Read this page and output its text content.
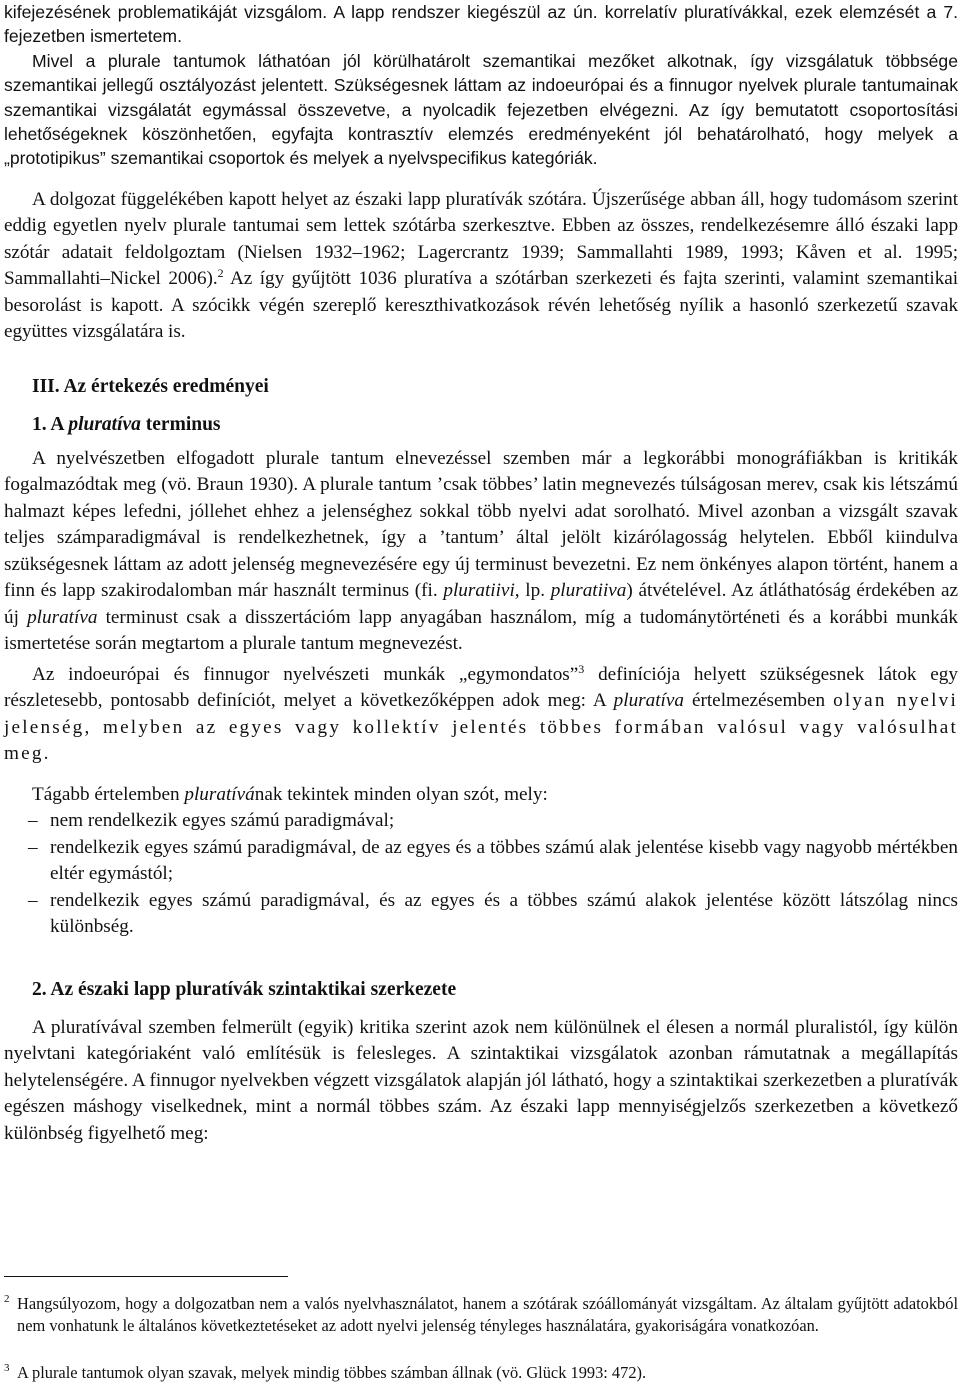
kifejezésének problematikáját vizsgálom. A lapp rendszer kiegészül az ún. korrelatív pluratívákkal, ezek elemzését a 7. fejezetben ismertetem.

Mivel a plurale tantumok láthatóan jól körülhatárolt szemantikai mezőket alkotnak, így vizsgálatuk többsége szemantikai jellegű osztályozást jelentett. Szükségesnek láttam az indoeurópai és a finnugor nyelvek plurale tantumainak szemantikai vizsgálatát egymással összevetve, a nyolcadik fejezetben elvégezni. Az így bemutatott csoportosítási lehetőségeknek köszönhetően, egyfajta kontrasztív elemzés eredményeként jól behatárolható, hogy melyek a „prototipikus” szemantikai csoportok és melyek a nyelvspecifikus kategóriák.

A dolgozat függelékében kapott helyet az északi lapp pluratívák szótára. Újszerűsége abban áll, hogy tudomásom szerint eddig egyetlen nyelv plurale tantumai sem lettek szótárba szerkesztve. Ebben az összes, rendelkezésemre álló északi lapp szótár adatait feldolgoztam (Nielsen 1932–1962; Lagercrantz 1939; Sammallahti 1989, 1993; Kåven et al. 1995; Sammallahti–Nickel 2006).$^2$ Az így gyűjtött 1036 pluratíva a szótárban szerkezeti és fajta szerinti, valamint szemantikai besorolást is kapott. A szócikk végén szereplő kereszthivatkozások révén lehetőség nyílik a hasonló szerkezetű szavak együttes vizsgálatára is.

III. Az értekezés eredményei
1. A pluratíva terminus

A nyelvészetben elfogadott plurale tantum elnevezéssel szemben már a legkorábbi monográfiákban is kritikák fogalmazódtak meg (vö. Braun 1930). A plurale tantum ’csak többes’ latin megnevezés túlságosan merev, csak kis létszámú halmazt képes lefedni, jóllehet ehhez a jelenséghez sokkal több nyelvi adat sorolható. Mivel azonban a vizsgált szavak teljes számparadigmával is rendelkezhetnek, így a ’tantum’ által jelölt kizárólagosság helytelen. Ebből kiindulva szükségesnek láttam az adott jelenség megnevezésére egy új terminust bevezetni. Ez nem önkényes alapon történt, hanem a finn és lapp szakirodalomban már használt terminus (fi. pluratiivi, lp. pluratiiva) átvételével. Az átláthatóság érdekében az új pluratíva terminust csak a disszertációm lapp anyagában használom, míg a tudománytörténeti és a korábbi munkák ismertetése során megtartom a plurale tantum megnevezést.

Az indoeurópai és finnugor nyelvészeti munkák „egymondatos”$^3$ definíciója helyett szükségesnek látok egy részletesebb, pontosabb definíciót, melyet a következőképpen adok meg: A pluratíva értelmezésemben olyan nyelvi jelenség, melyben az egyes vagy kollektív jelentés többes formában valósul vagy valósulhat meg.

Tágabb értelemben pluratívának tekintek minden olyan szót, mely:

– nem rendelkezik egyes számú paradigmával;
– rendelkezik egyes számú paradigmával, de az egyes és a többes számú alak jelentése kisebb vagy nagyobb mértékben eltér egymástól;
– rendelkezik egyes számú paradigmával, és az egyes és a többes számú alakok jelentése között látszólag nincs különbség.
2. Az északi lapp pluratívák szintaktikai szerkezete

A pluratívával szemben felmerült (egyik) kritika szerint azok nem különülnek el élesen a normál pluralistól, így külön nyelvtani kategóriaként való említésük is felesleges. A szintaktikai vizsgálatok azonban rámutatnak a megállapítás helytelenségére. A finnugor nyelvekben végzett vizsgálatok alapján jól látható, hogy a szintaktikai szerkezetben a pluratívák egészen máshogy viselkednek, mint a normál többes szám. Az északi lapp mennyiségjelzős szerkezetben a következő különbség figyelhető meg:

2 Hangsúlyozom, hogy a dolgozatban nem a valós nyelvhasználatot, hanem a szótárak szóállományát vizsgáltam. Az általam gyűjtött adatokból nem vonhatunk le általános következtetéseket az adott nyelvi jelenség tényleges használatára, gyakoriságára vonatkozóan.
3 A plurale tantumok olyan szavak, melyek mindig többes számban állnak (vö. Glück 1993: 472).
